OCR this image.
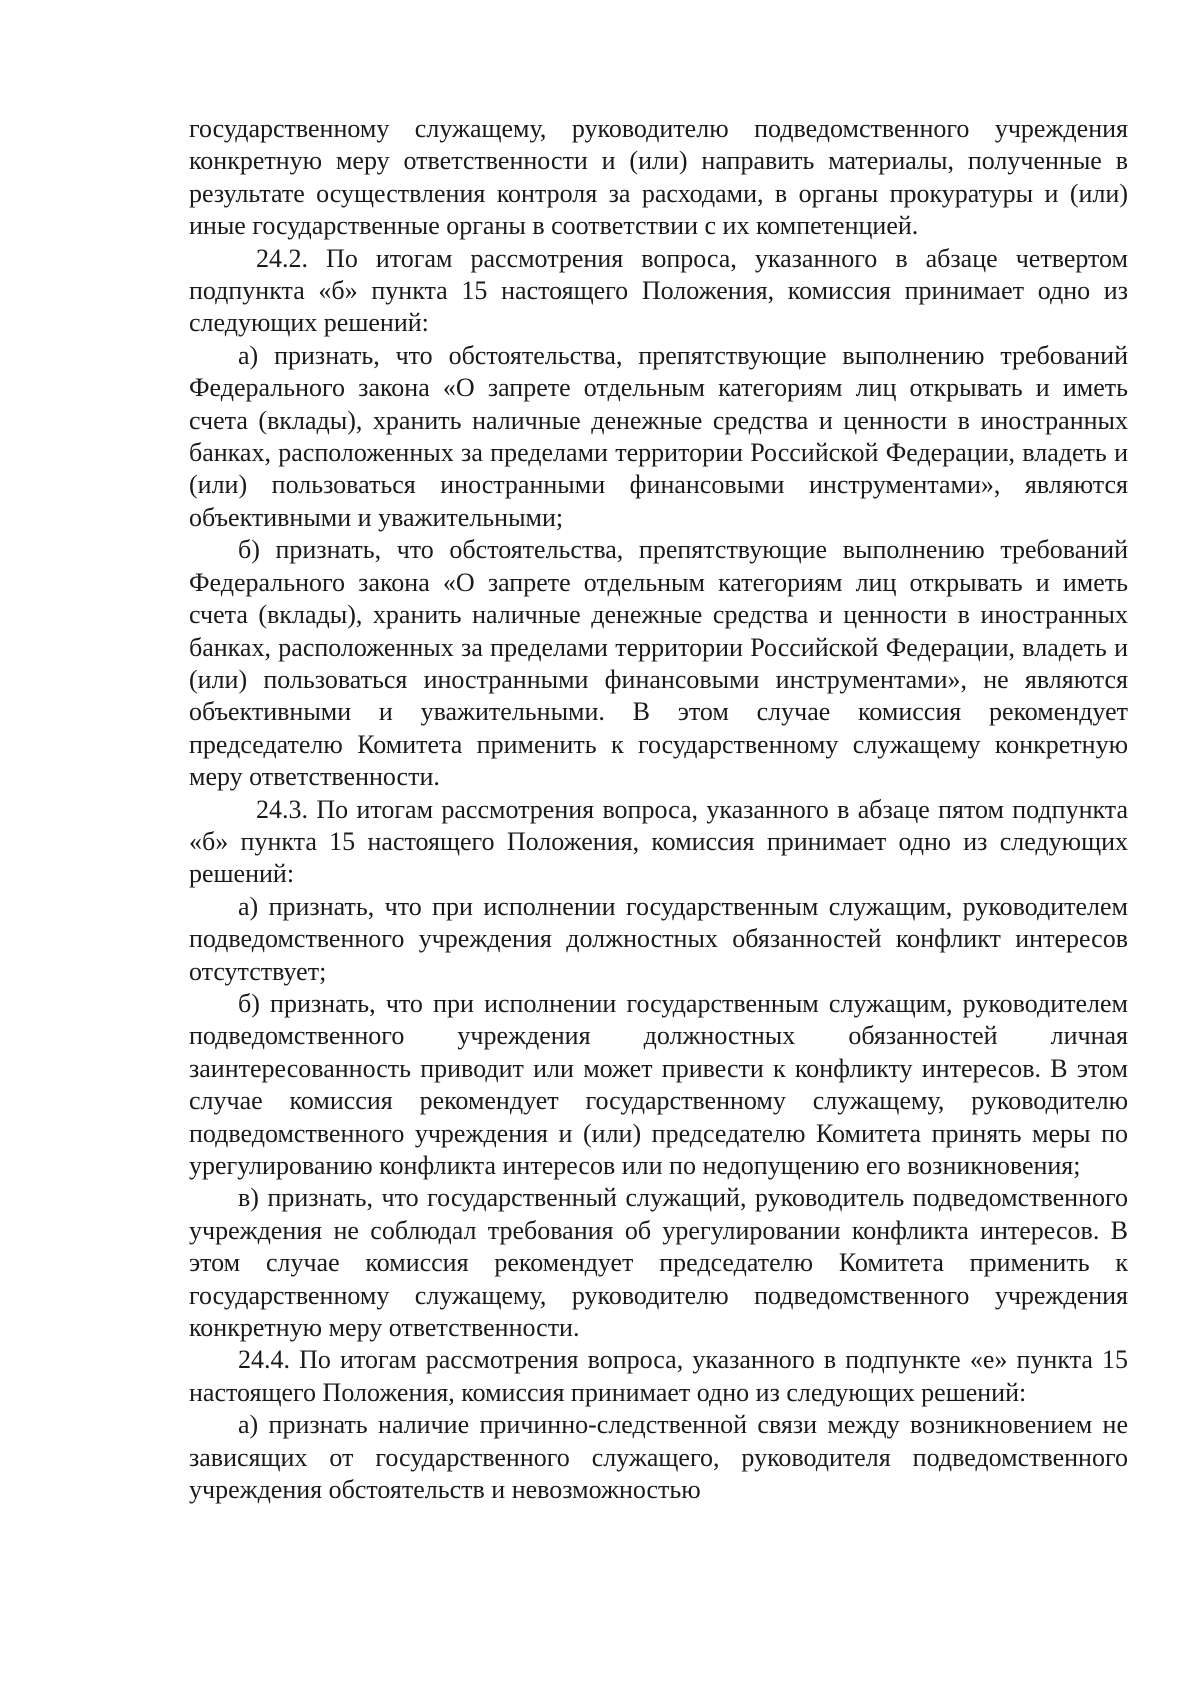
государственному служащему, руководителю подведомственного учреждения конкретную меру ответственности и (или) направить материалы, полученные в результате осуществления контроля за расходами, в органы прокуратуры и (или) иные государственные органы в соответствии с их компетенцией.

24.2. По итогам рассмотрения вопроса, указанного в абзаце четвертом подпункта «б» пункта 15 настоящего Положения, комиссия принимает одно из следующих решений:

а) признать, что обстоятельства, препятствующие выполнению требований Федерального закона «О запрете отдельным категориям лиц открывать и иметь счета (вклады), хранить наличные денежные средства и ценности в иностранных банках, расположенных за пределами территории Российской Федерации, владеть и (или) пользоваться иностранными финансовыми инструментами», являются объективными и уважительными;

б) признать, что обстоятельства, препятствующие выполнению требований Федерального закона «О запрете отдельным категориям лиц открывать и иметь счета (вклады), хранить наличные денежные средства и ценности в иностранных банках, расположенных за пределами территории Российской Федерации, владеть и (или) пользоваться иностранными финансовыми инструментами», не являются объективными и уважительными. В этом случае комиссия рекомендует председателю Комитета применить к государственному служащему конкретную меру ответственности.

24.3. По итогам рассмотрения вопроса, указанного в абзаце пятом подпункта «б» пункта 15 настоящего Положения, комиссия принимает одно из следующих решений:

а) признать, что при исполнении государственным служащим, руководителем подведомственного учреждения должностных обязанностей конфликт интересов отсутствует;

б) признать, что при исполнении государственным служащим, руководителем подведомственного учреждения должностных обязанностей личная заинтересованность приводит или может привести к конфликту интересов. В этом случае комиссия рекомендует государственному служащему, руководителю подведомственного учреждения и (или) председателю Комитета принять меры по урегулированию конфликта интересов или по недопущению его возникновения;

в) признать, что государственный служащий, руководитель подведомственного учреждения не соблюдал требования об урегулировании конфликта интересов. В этом случае комиссия рекомендует председателю Комитета применить к государственному служащему, руководителю подведомственного учреждения конкретную меру ответственности.

24.4. По итогам рассмотрения вопроса, указанного в подпункте «е» пункта 15 настоящего Положения, комиссия принимает одно из следующих решений:

а) признать наличие причинно-следственной связи между возникновением не зависящих от государственного служащего, руководителя подведомственного учреждения обстоятельств и невозможностью
